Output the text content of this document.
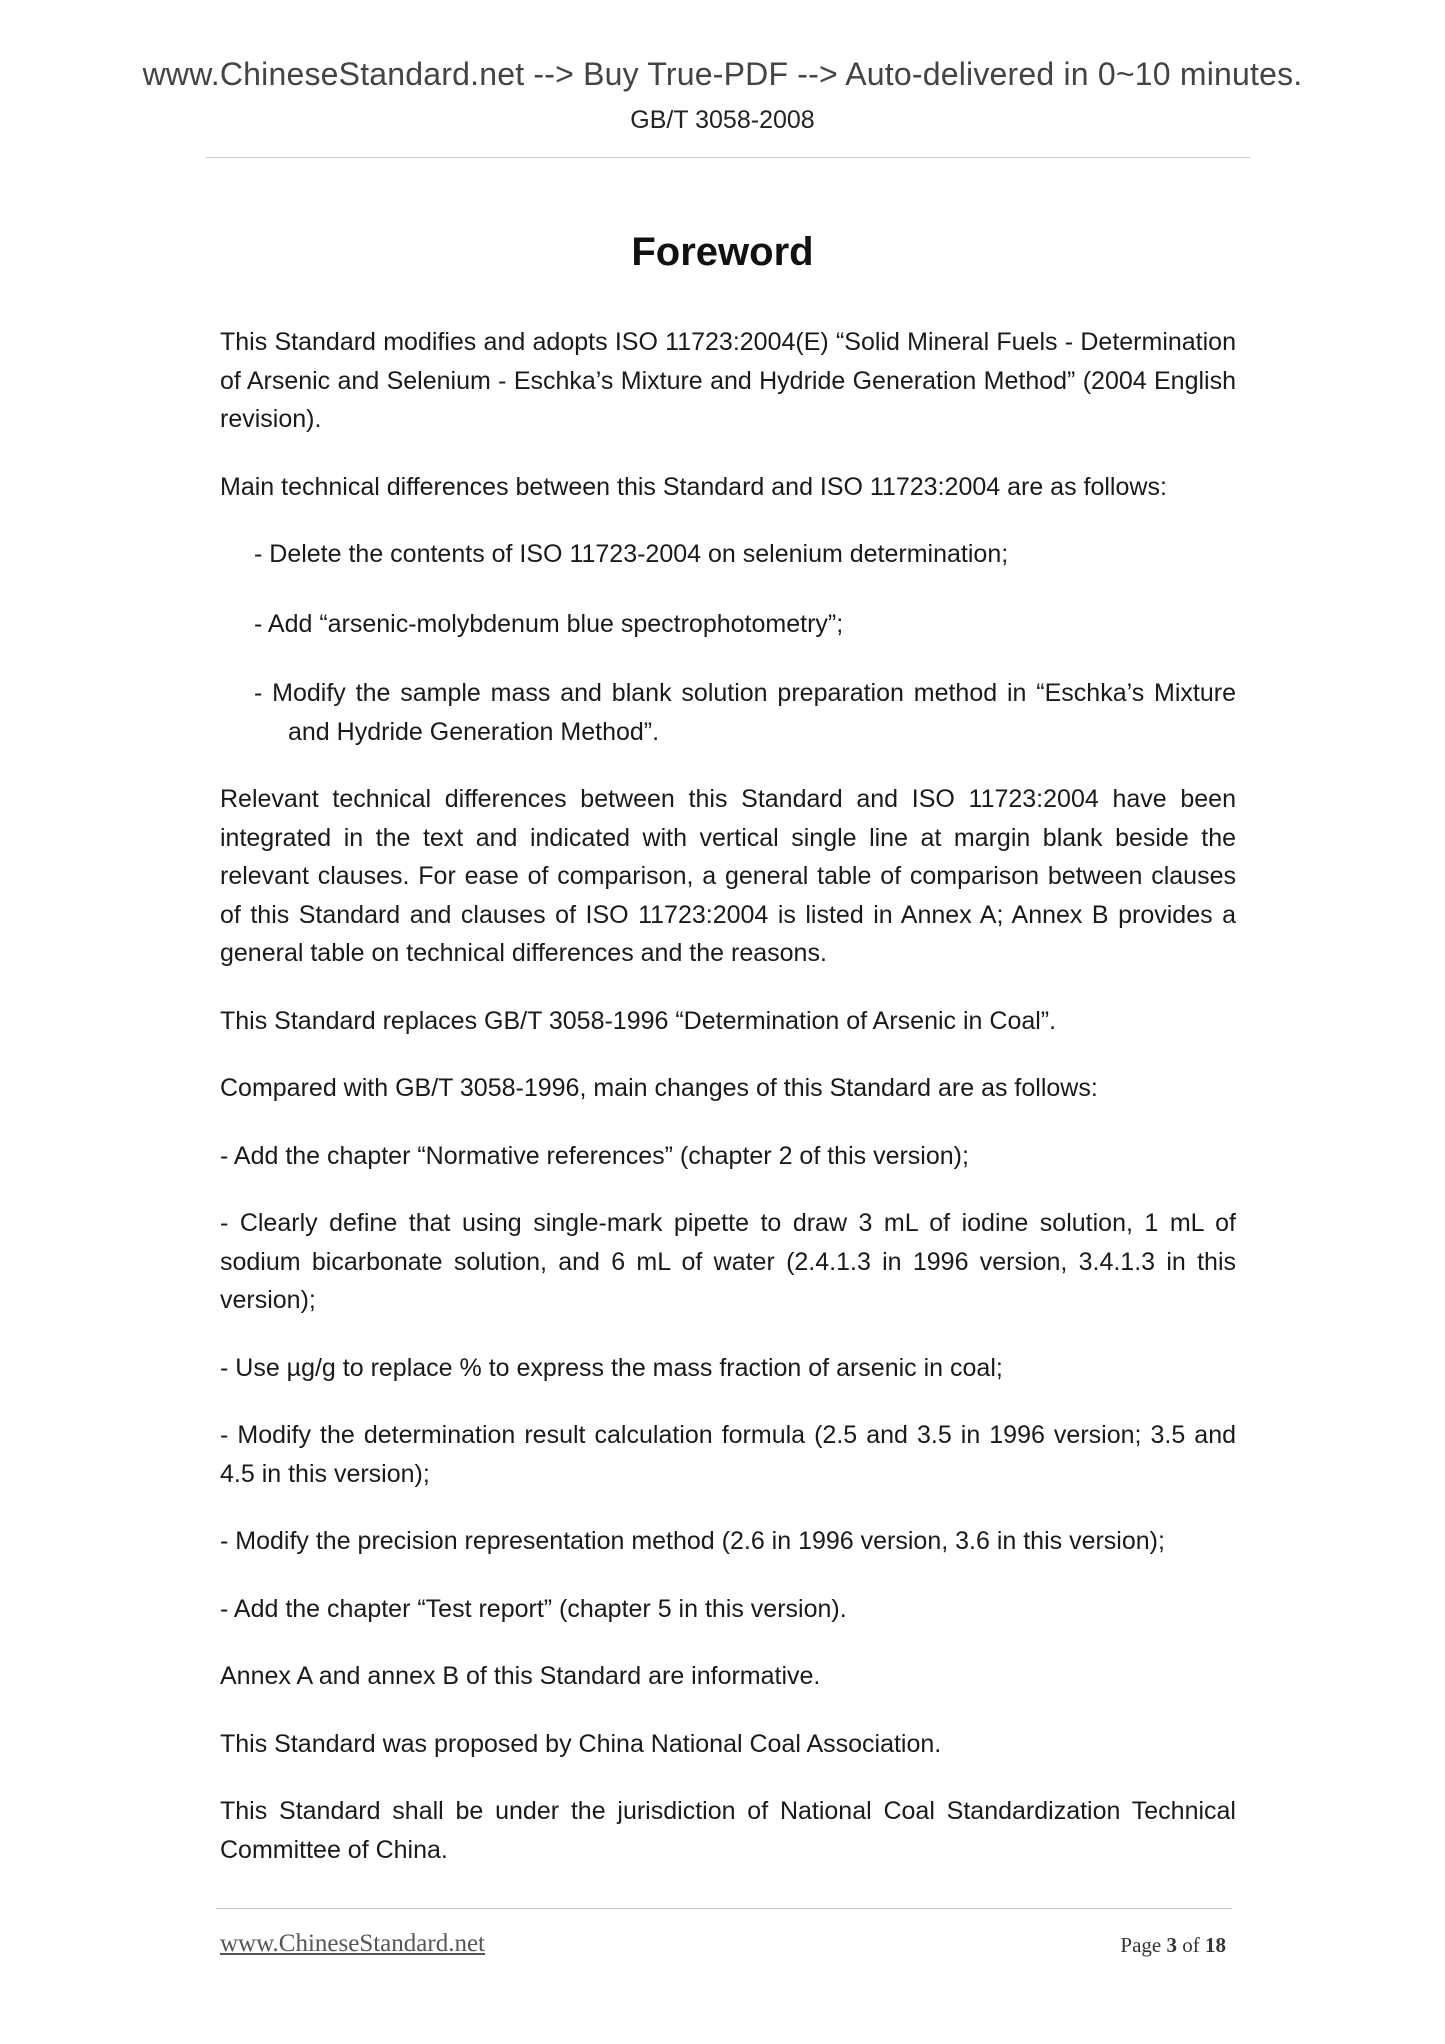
www.ChineseStandard.net --> Buy True-PDF --> Auto-delivered in 0~10 minutes.
GB/T 3058-2008
Foreword

This Standard modifies and adopts ISO 11723:2004(E) “Solid Mineral Fuels - Determination of Arsenic and Selenium - Eschka’s Mixture and Hydride Generation Method” (2004 English revision).

Main technical differences between this Standard and ISO 11723:2004 are as follows:

- Delete the contents of ISO 11723-2004 on selenium determination;

- Add “arsenic-molybdenum blue spectrophotometry”;

- Modify the sample mass and blank solution preparation method in “Eschka’s Mixture and Hydride Generation Method”.

Relevant technical differences between this Standard and ISO 11723:2004 have been integrated in the text and indicated with vertical single line at margin blank beside the relevant clauses. For ease of comparison, a general table of comparison between clauses of this Standard and clauses of ISO 11723:2004 is listed in Annex A; Annex B provides a general table on technical differences and the reasons.

This Standard replaces GB/T 3058-1996 “Determination of Arsenic in Coal”.

Compared with GB/T 3058-1996, main changes of this Standard are as follows:

- Add the chapter “Normative references” (chapter 2 of this version);

- Clearly define that using single-mark pipette to draw 3 mL of iodine solution, 1 mL of sodium bicarbonate solution, and 6 mL of water (2.4.1.3 in 1996 version, 3.4.1.3 in this version);

- Use µg/g to replace % to express the mass fraction of arsenic in coal;

- Modify the determination result calculation formula (2.5 and 3.5 in 1996 version; 3.5 and 4.5 in this version);

- Modify the precision representation method (2.6 in 1996 version, 3.6 in this version);

- Add the chapter “Test report” (chapter 5 in this version).

Annex A and annex B of this Standard are informative.

This Standard was proposed by China National Coal Association.

This Standard shall be under the jurisdiction of National Coal Standardization Technical Committee of China.

www.ChineseStandard.net	Page 3 of 18
